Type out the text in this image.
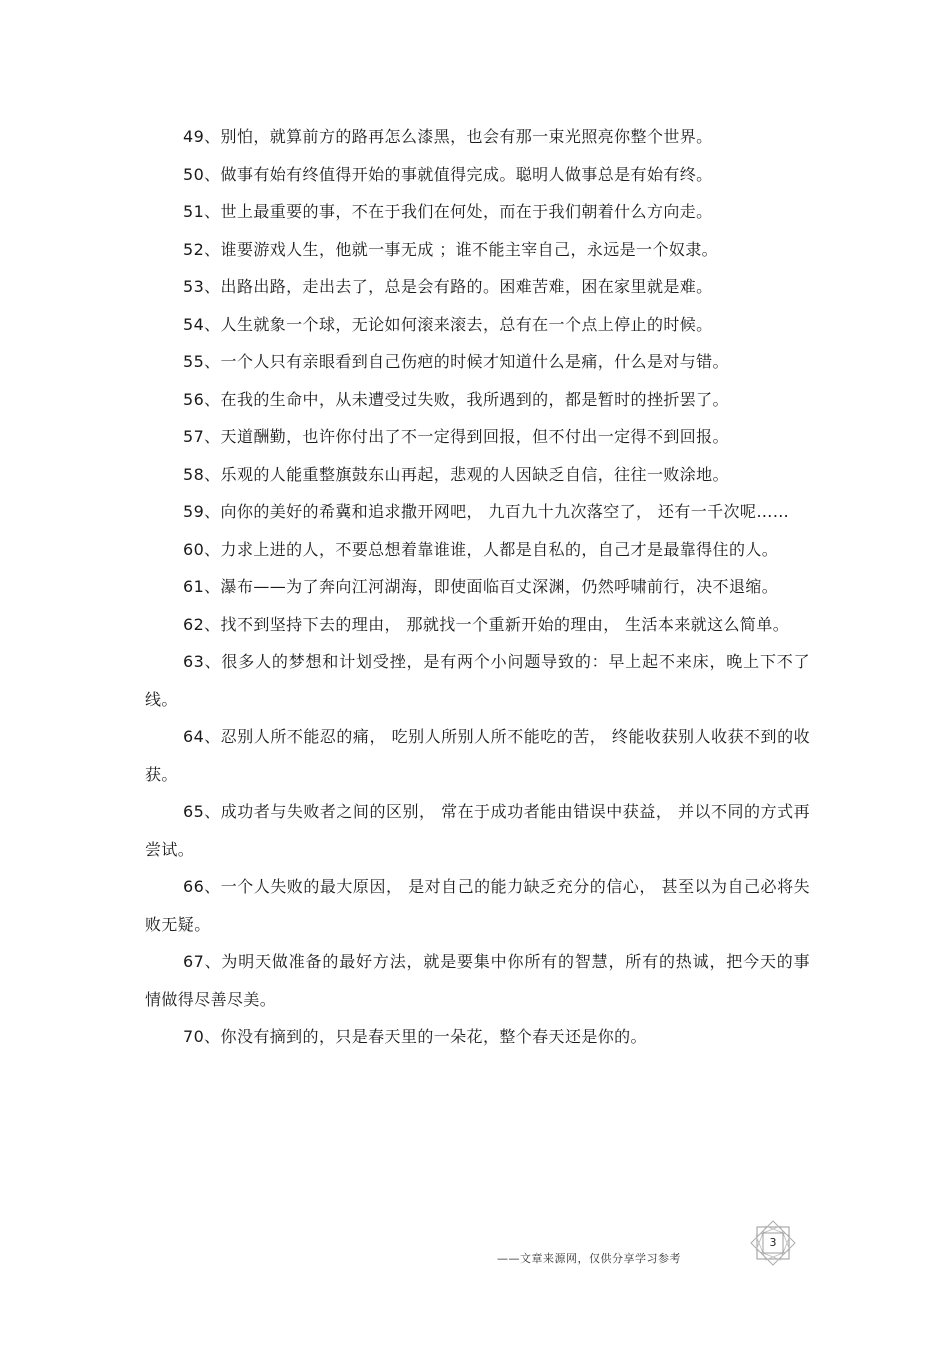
49、别怕，就算前方的路再怎么漆黑，也会有那一束光照亮你整个世界。

50、做事有始有终值得开始的事就值得完成。聪明人做事总是有始有终。

51、世上最重要的事，不在于我们在何处，而在于我们朝着什么方向走。

52、谁要游戏人生，他就一事无成 ；谁不能主宰自己，永远是一个奴隶。

53、出路出路，走出去了，总是会有路的。困难苦难，困在家里就是难。

54、人生就象一个球，无论如何滚来滚去，总有在一个点上停止的时候。

55、一个人只有亲眼看到自己伤疤的时候才知道什么是痛，什么是对与错。

56、在我的生命中，从未遭受过失败，我所遇到的，都是暂时的挫折罢了。

57、天道酬勤，也许你付出了不一定得到回报，但不付出一定得不到回报。

58、乐观的人能重整旗鼓东山再起，悲观的人因缺乏自信，往往一败涂地。

59、向你的美好的希冀和追求撒开网吧， 九百九十九次落空了， 还有一千次呢……

60、力求上进的人，不要总想着靠谁谁，人都是自私的，自己才是最靠得住的人。

61、瀑布——为了奔向江河湖海，即使面临百丈深渊，仍然呼啸前行，决不退缩。

62、找不到坚持下去的理由， 那就找一个重新开始的理由， 生活本来就这么简单。

63、很多人的梦想和计划受挫，是有两个小问题导致的：早上起不来床，晚上下不了线。

64、忍别人所不能忍的痛， 吃别人所别人所不能吃的苦， 终能收获别人收获不到的收获。

65、成功者与失败者之间的区别， 常在于成功者能由错误中获益， 并以不同的方式再尝试。

66、一个人失败的最大原因， 是对自己的能力缺乏充分的信心， 甚至以为自己必将失败无疑。

67、为明天做准备的最好方法，就是要集中你所有的智慧，所有的热诚，把今天的事情做得尽善尽美。

70、你没有摘到的，只是春天里的一朵花，整个春天还是你的。

3
——文章来源网，仅供分享学习参考
